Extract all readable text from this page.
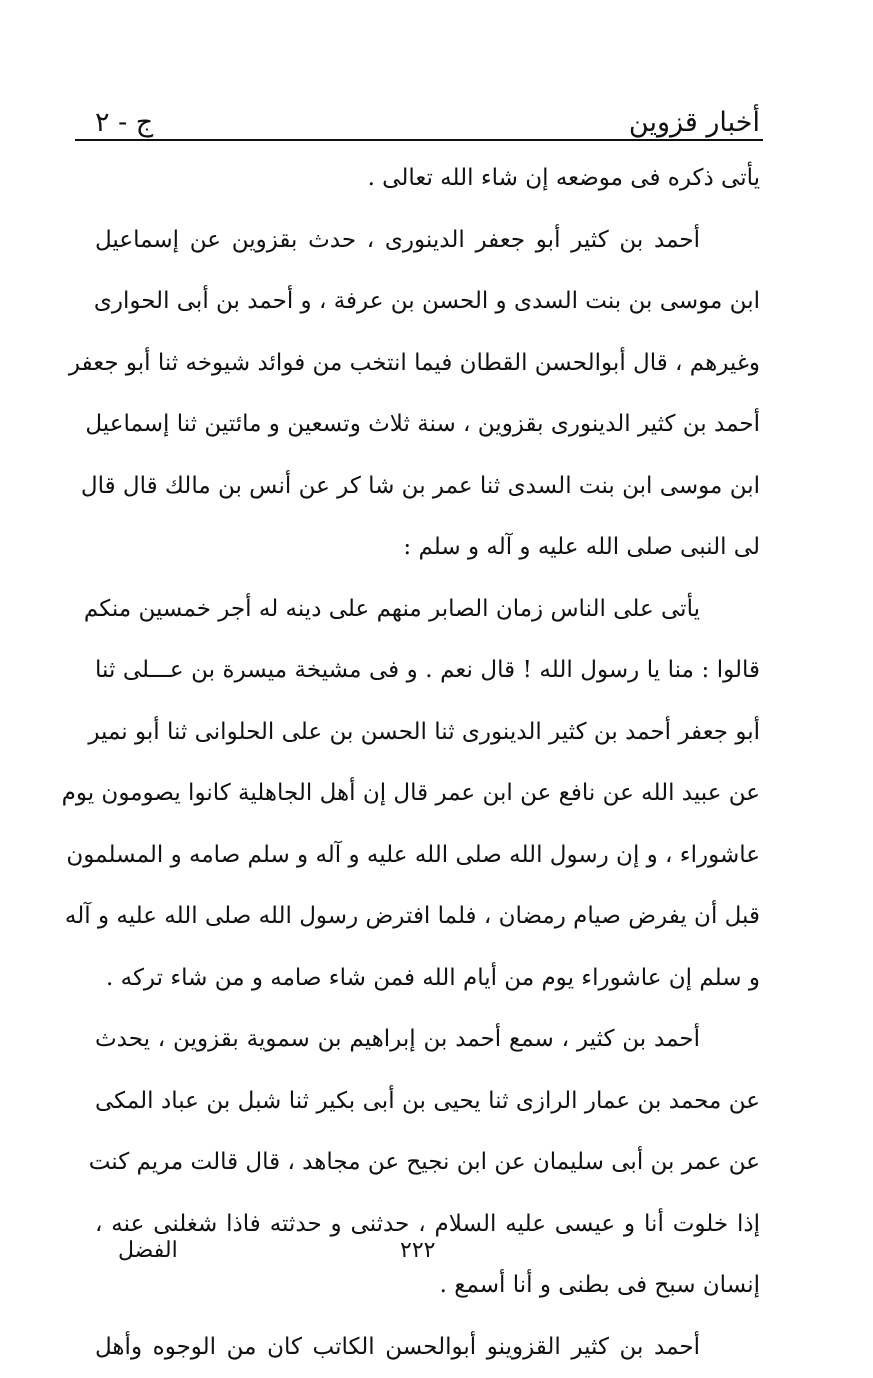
ج - ٢	أخبار قزوين
يأتى ذكره فى موضعه إن شاء الله تعالى .
أحمد بن كثير أبو جعفر الدينورى ، حدث بقزوين عن إسماعيل
ابن موسى بن بنت السدى و الحسن بن عرفة ، و أحمد بن أبى الحوارى
وغيرهم ، قال أبوالحسن القطان فيما انتخب من فوائد شيوخه ثنا أبو جعفر
أحمد بن كثير الدينورى بقزوين ، سنة ثلاث وتسعين و مائتين ثنا إسماعيل
ابن موسى ابن بنت السدى ثنا عمر بن شا كر عن أنس بن مالك قال قال
لى النبى صلى الله عليه و آله و سلم :
يأتى على الناس زمان الصابر منهم على دينه له أجر خمسين منكم
قالوا : منا يا رسول الله ! قال نعم . و فى مشيخة ميسرة بن عـــلى ثنا
أبو جعفر أحمد بن كثير الدينورى ثنا الحسن بن على الحلوانى ثنا أبو نمير
عن عبيد الله عن نافع عن ابن عمر قال إن أهل الجاهلية كانوا يصومون يوم
عاشوراء ، و إن رسول الله صلى الله عليه و آله و سلم صامه و المسلمون
قبل أن يفرض صيام رمضان ، فلما افترض رسول الله صلى الله عليه و آله
و سلم إن عاشوراء يوم من أيام الله فمن شاء صامه و من شاء تركه .
أحمد بن كثير ، سمع أحمد بن إبراهيم بن سمویة بقزوين ، يحدث
عن محمد بن عمار الرازى ثنا يحيى بن أبى بكير ثنا شبل بن عباد المكى
عن عمر بن أبى سليمان عن ابن نجيح عن مجاهد ، قال قالت مريم كنت
إذا خلوت أنا و عيسى عليه السلام ، حدثنى و حدثته فاذا شغلنى عنه ،
إنسان سبح فى بطنى و أنا أسمع .
أحمد بن كثير القزوينو أبوالحسن الكاتب كان من الوجوه وأهل
الفضل	٢٢٢
